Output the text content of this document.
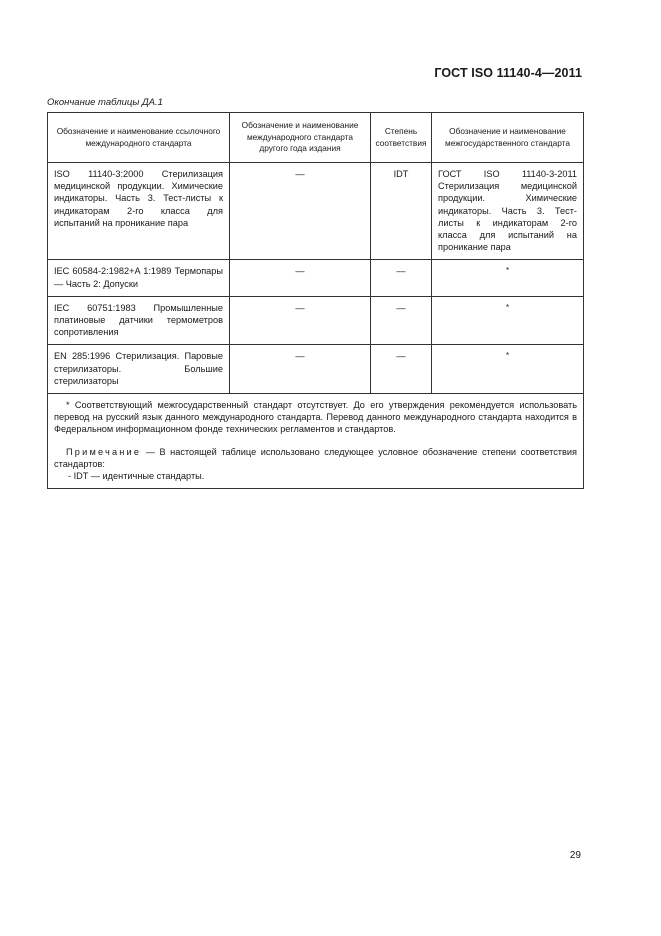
ГОСТ ISO 11140-4—2011
Окончание таблицы ДА.1
Обозначение и наименование ссылочного международного стандарта	Обозначение и наименование международного стандарта другого года издания	Степень соответствия	Обозначение и наименование межгосударственного стандарта
ISO 11140-3:2000 Стерилизация медицинской продукции. Химические индикаторы. Часть 3. Тест-листы к индикаторам 2-го класса для испытаний на проникание пара	—	IDT	ГОСТ ISO 11140-3-2011 Стерилизация медицинской продукции. Химические индикаторы. Часть 3. Тест-листы к индикаторам 2-го класса для испытаний на проникание пара
IEC 60584-2:1982+A 1:1989 Термопары — Часть 2: Допуски	—	—	*
IEC 60751:1983 Промышленные платиновые датчики термометров сопротивления	—	—	*
EN 285:1996 Стерилизация. Паровые стерилизаторы. Большие стерилизаторы	—	—	*

* Соответствующий межгосударственный стандарт отсутствует. До его утверждения рекомендуется использовать перевод на русский язык данного международного стандарта. Перевод данного международного стандарта находится в Федеральном информационном фонде технических регламентов и стандартов.
Примечание — В настоящей таблице использовано следующее условное обозначение степени соответствия стандартов:
- IDT — идентичные стандарты.			
29
